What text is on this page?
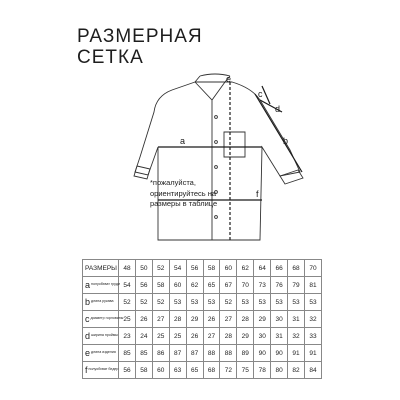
РАЗМЕРНАЯ
СЕТКА
a	b
c
d
e
f
*пожалуйста, ориентируйтесь на размеры в таблице
РАЗМЕРЫ	48	50	52	54	56	58	60	62	64	66	68	70
aполуобхват груди	54	56	58	60	62	65	67	70	73	76	79	81
bдлина рукава	52	52	52	53	53	53	52	53	53	53	53	53
cдиаметр горловины	25	26	27	28	29	26	27	28	29	30	31	32
dширина проймы	23	24	25	25	26	27	28	29	30	31	32	33
eдлина изделия	85	85	86	87	87	88	88	89	90	90	91	91
fполуобхват бедер	56	58	60	63	65	68	72	75	78	80	82	84
